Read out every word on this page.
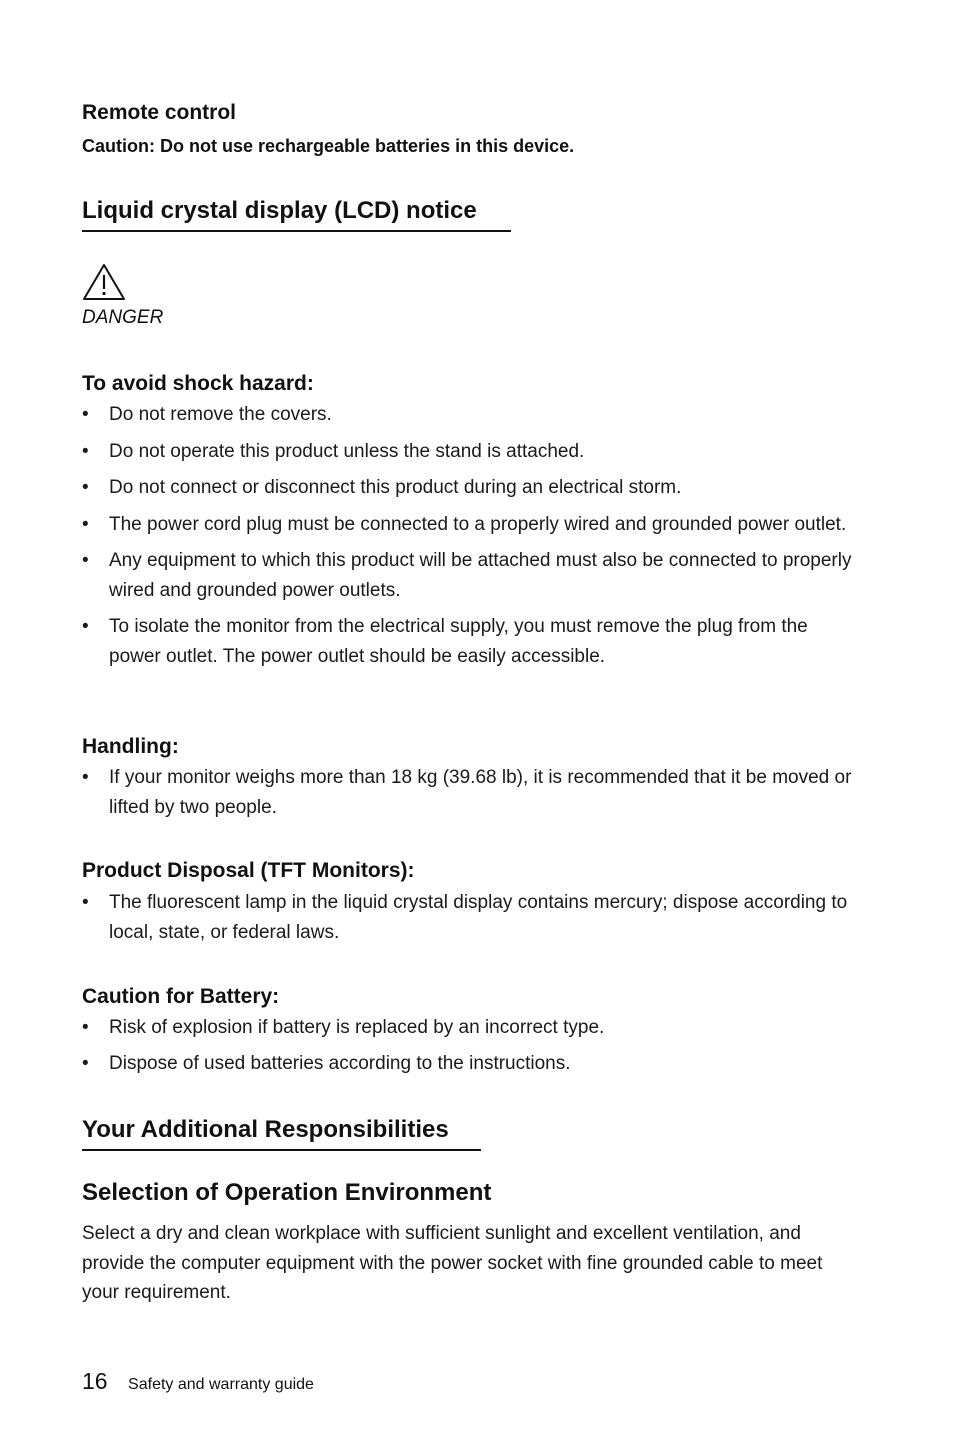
Remote control
Caution: Do not use rechargeable batteries in this device.
Liquid crystal display (LCD) notice
DANGER
To avoid shock hazard:
• Do not remove the covers.
• Do not operate this product unless the stand is attached.
• Do not connect or disconnect this product during an electrical storm.
• The power cord plug must be connected to a properly wired and grounded power outlet.
• Any equipment to which this product will be attached must also be connected to properly wired and grounded power outlets.
• To isolate the monitor from the electrical supply, you must remove the plug from the power outlet. The power outlet should be easily accessible.
Handling:
• If your monitor weighs more than 18 kg (39.68 lb), it is recommended that it be moved or lifted by two people.
Product Disposal (TFT Monitors):
• The fluorescent lamp in the liquid crystal display contains mercury; dispose according to local, state, or federal laws.
Caution for Battery:
• Risk of explosion if battery is replaced by an incorrect type.
• Dispose of used batteries according to the instructions.
Your Additional Responsibilities
Selection of Operation Environment
Select a dry and clean workplace with sufficient sunlight and excellent ventilation, and provide the computer equipment with the power socket with fine grounded cable to meet your requirement.
16 Safety and warranty guide
